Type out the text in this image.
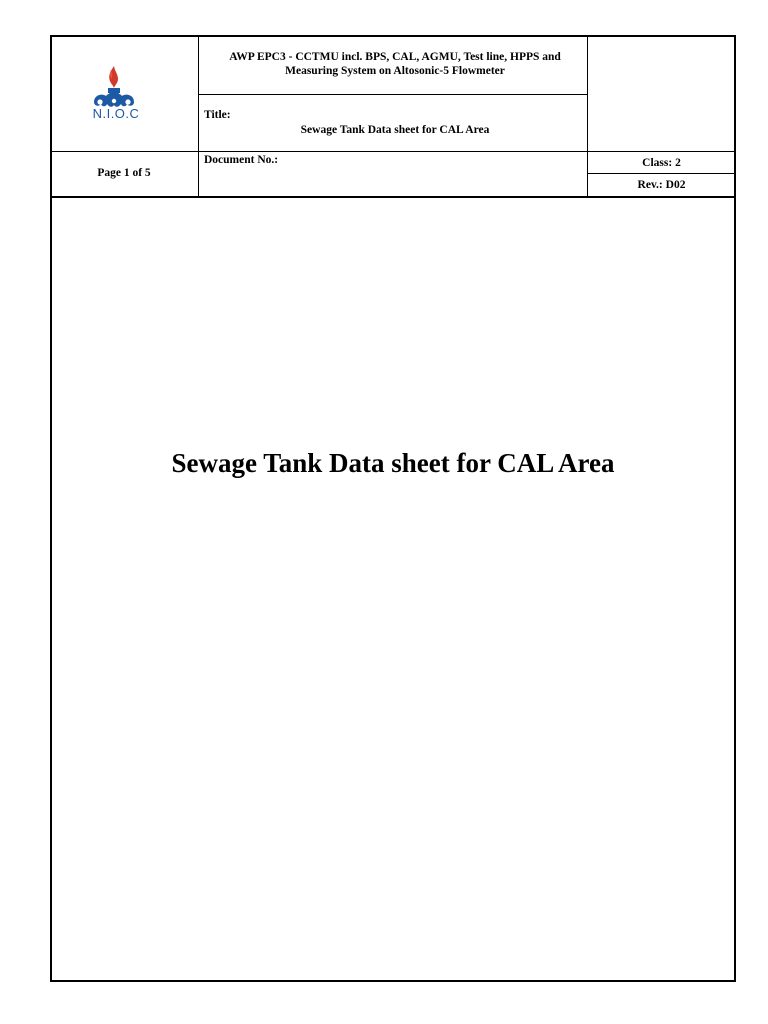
N.I.O.C
AWP EPC3 - CCTMU incl. BPS, CAL, AGMU, Test line, HPPS and Measuring System on Altosonic-5 Flowmeter
Title:
Sewage Tank Data sheet for CAL Area
Page 1 of 5
Document No.:	Class: 2
Rev.: D02
Sewage Tank Data sheet for CAL Area
